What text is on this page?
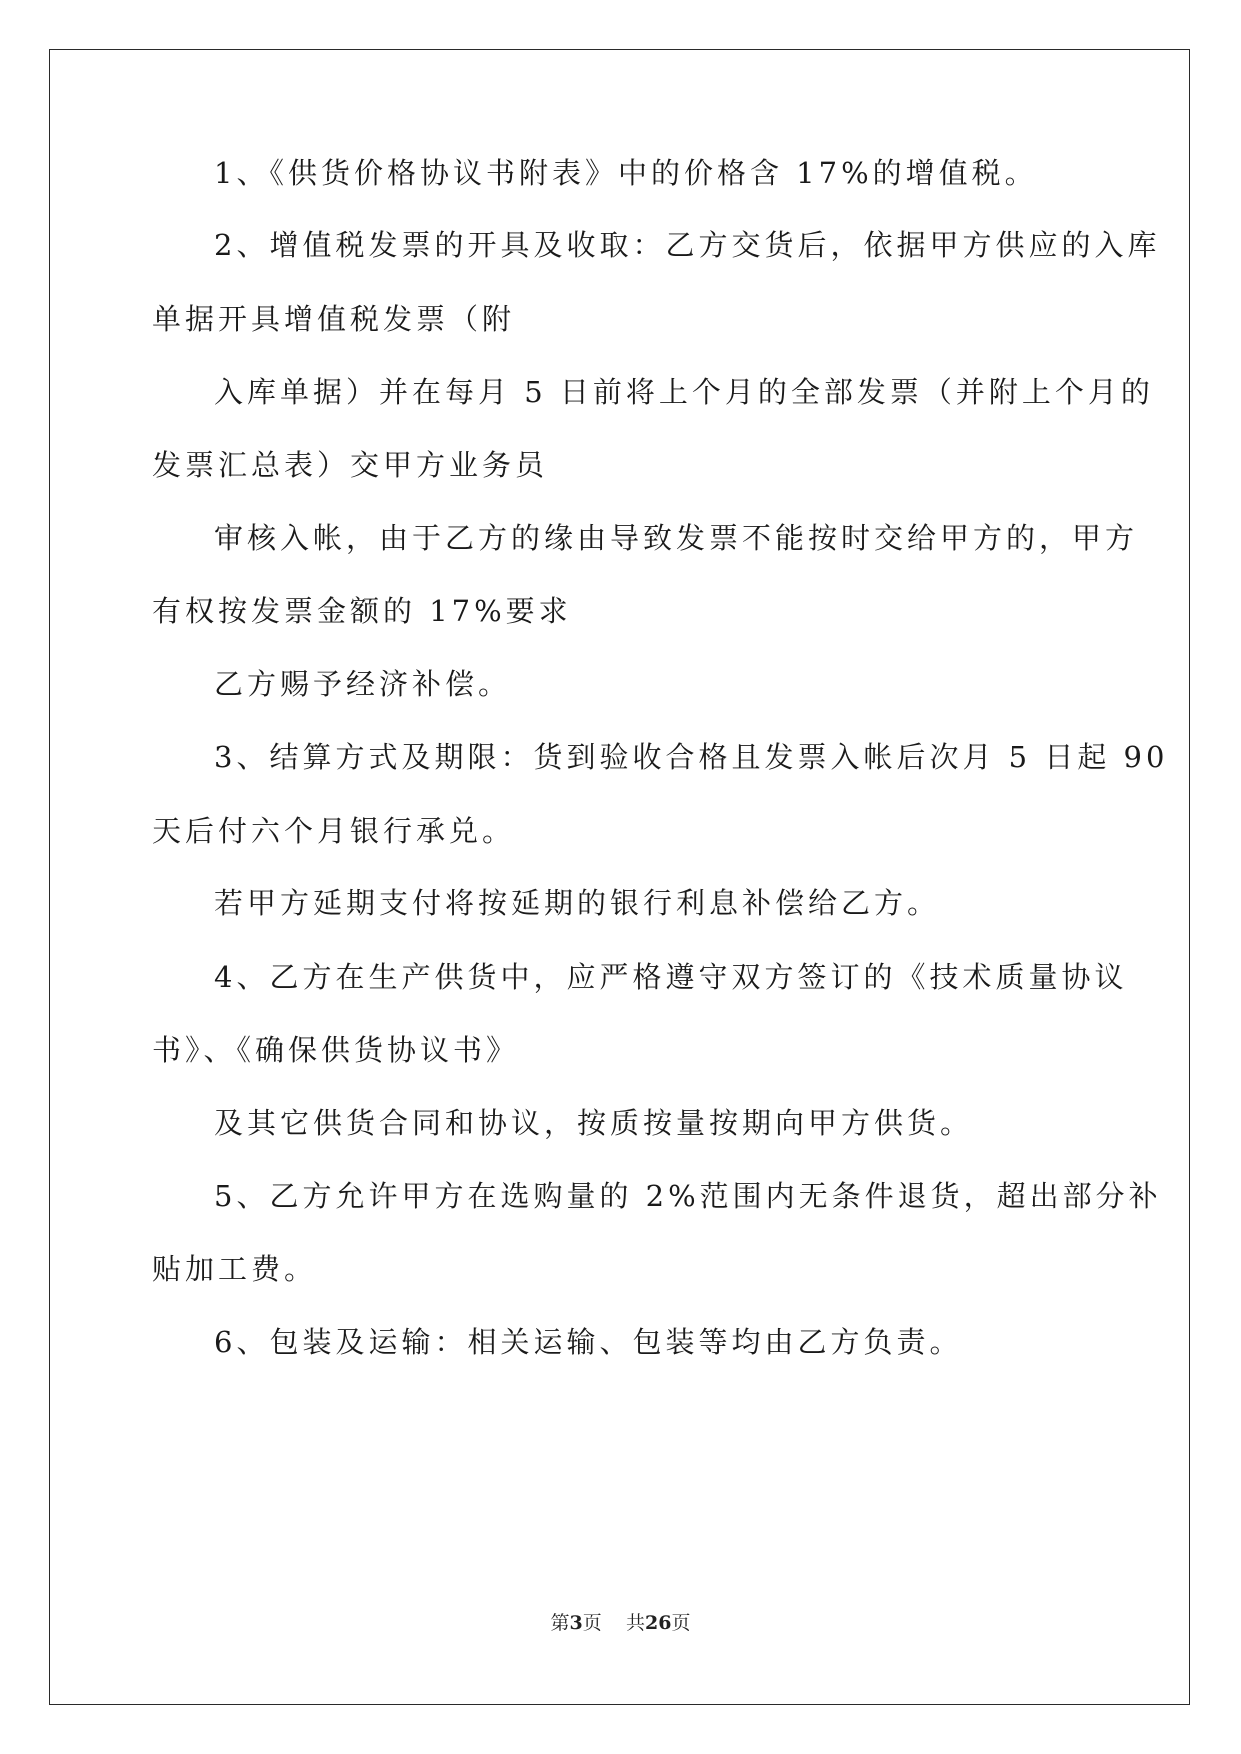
1、《供货价格协议书附表》中的价格含 17%的增值税。
2、增值税发票的开具及收取：乙方交货后，依据甲方供应的入库
单据开具增值税发票（附
入库单据）并在每月 5 日前将上个月的全部发票（并附上个月的
发票汇总表）交甲方业务员
审核入帐，由于乙方的缘由导致发票不能按时交给甲方的，甲方
有权按发票金额的 17%要求
乙方赐予经济补偿。
3、结算方式及期限：货到验收合格且发票入帐后次月 5 日起 90
天后付六个月银行承兑。
若甲方延期支付将按延期的银行利息补偿给乙方。
4、乙方在生产供货中，应严格遵守双方签订的《技术质量协议
书》、《确保供货协议书》
及其它供货合同和协议，按质按量按期向甲方供货。
5、乙方允许甲方在选购量的 2%范围内无条件退货，超出部分补
贴加工费。
6、包装及运输：相关运输、包装等均由乙方负责。
第3页 共26页
